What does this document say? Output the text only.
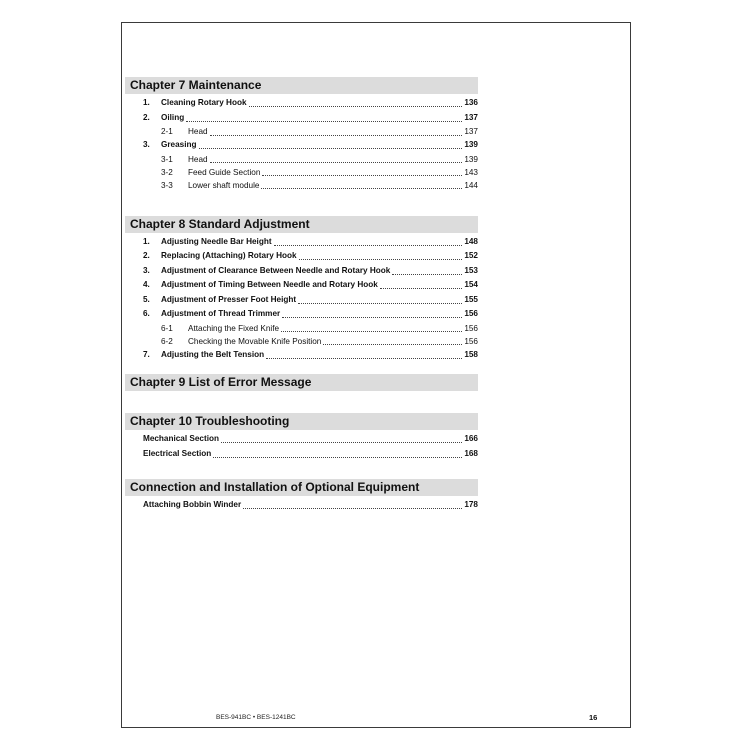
Chapter 7 Maintenance
1.	Cleaning Rotary Hook	136
2.	Oiling	137
2-1	Head	137
3.	Greasing	139
3-1	Head	139
3-2	Feed Guide Section	143
3-3	Lower shaft module	144
Chapter 8 Standard Adjustment
1.	Adjusting Needle Bar Height	148
2.	Replacing (Attaching) Rotary Hook	152
3.	Adjustment of Clearance Between Needle and Rotary Hook	153
4.	Adjustment of Timing Between Needle and Rotary Hook	154
5.	Adjustment of Presser Foot Height	155
6.	Adjustment of Thread Trimmer	156
6-1	Attaching the Fixed Knife	156
6-2	Checking the Movable Knife Position	156
7.	Adjusting the Belt Tension	158
Chapter 9 List of Error Message
Chapter 10 Troubleshooting
Mechanical Section	166
Electrical Section	168
Connection and Installation of Optional Equipment
Attaching Bobbin Winder	178
BES-941BC • BES-1241BC	16
